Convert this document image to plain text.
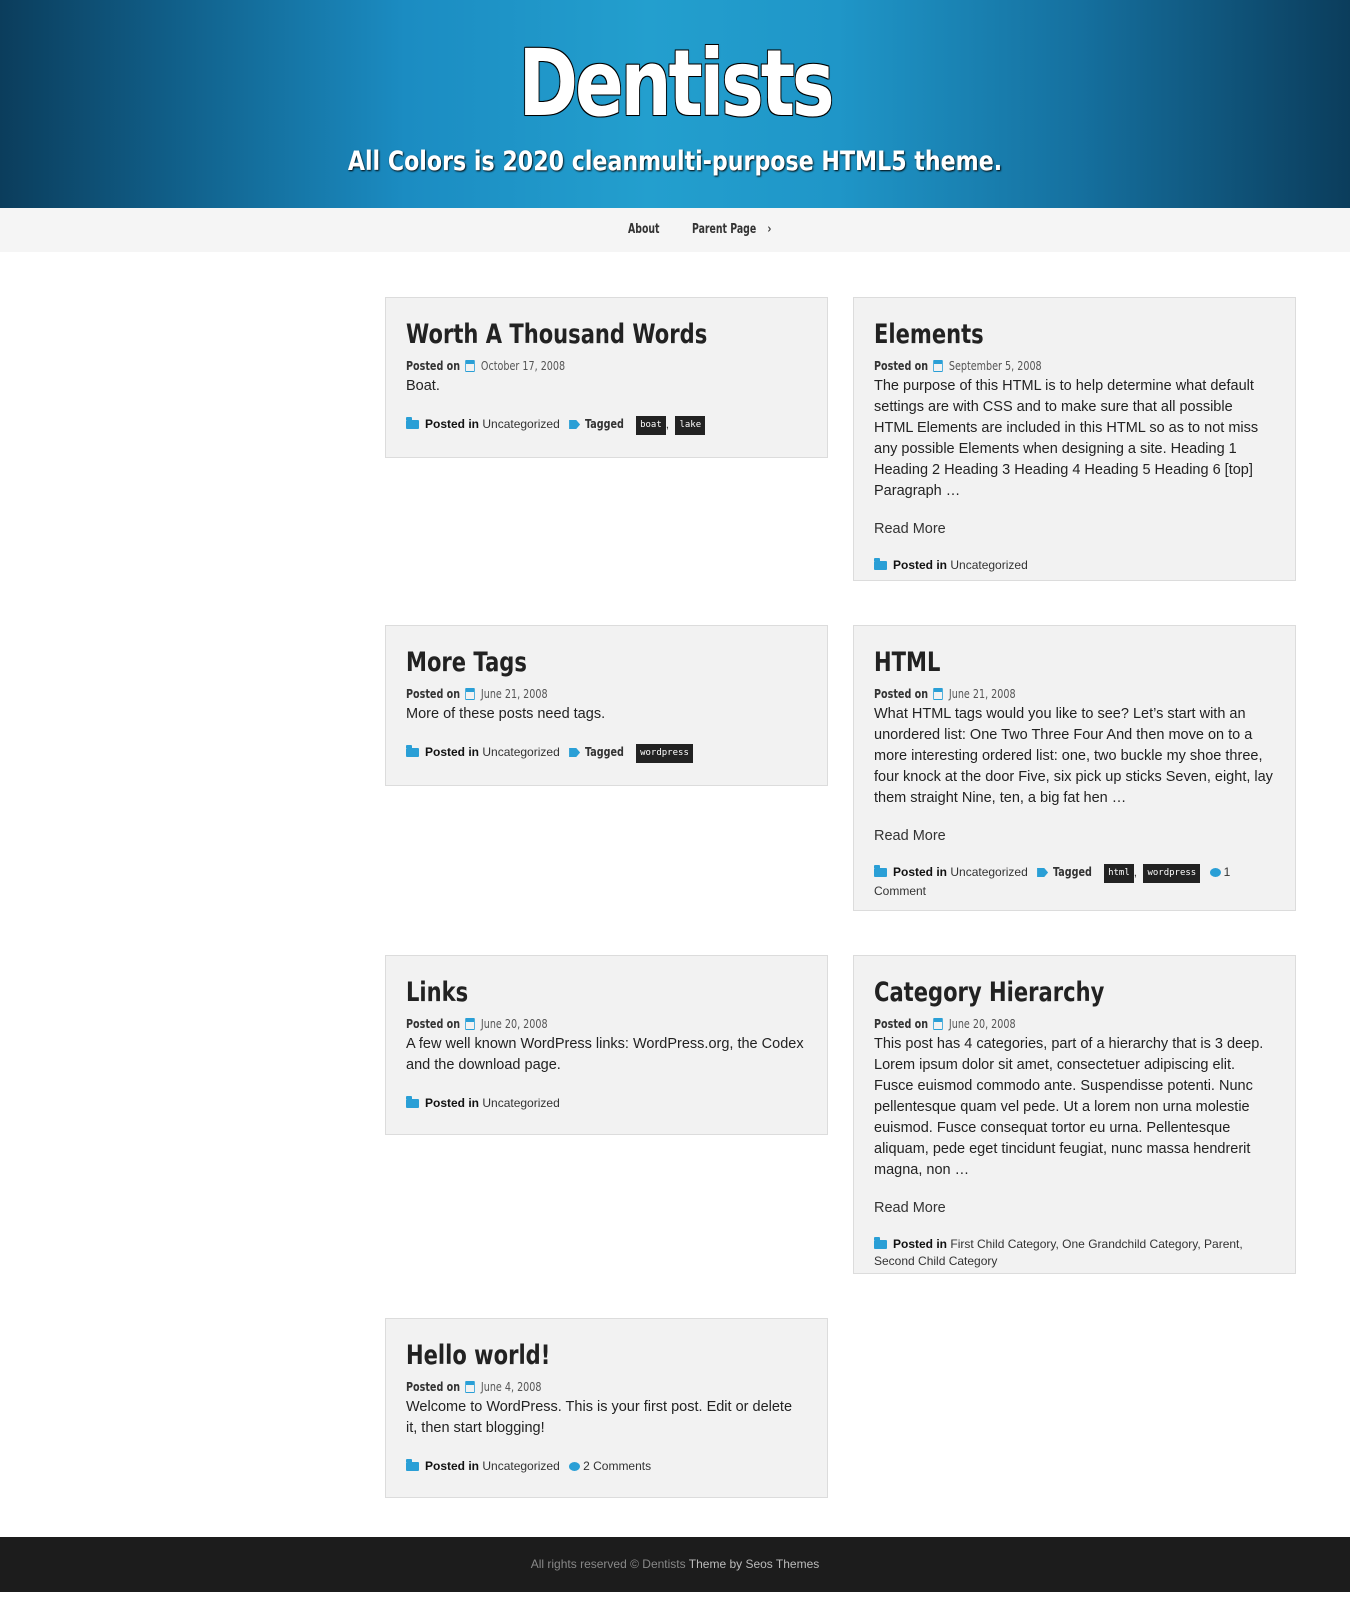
Dentists
All Colors is 2020 cleanmulti-purpose HTML5 theme.
About Parent Page ›
Worth A Thousand Words
Posted on October 17, 2008
Boat.
Posted in Uncategorized Tagged boat , lake
Elements
Posted on September 5, 2008
The purpose of this HTML is to help determine what default settings are with CSS and to make sure that all possible HTML Elements are included in this HTML so as to not miss any possible Elements when designing a site. Heading 1 Heading 2 Heading 3 Heading 4 Heading 5 Heading 6 [top] Paragraph …
Read More
Posted in Uncategorized
More Tags
Posted on June 21, 2008
More of these posts need tags.
Posted in Uncategorized Tagged wordpress
HTML
Posted on June 21, 2008
What HTML tags would you like to see? Let’s start with an unordered list: One Two Three Four And then move on to a more interesting ordered list: one, two buckle my shoe three, four knock at the door Five, six pick up sticks Seven, eight, lay them straight Nine, ten, a big fat hen …
Read More
Posted in Uncategorized Tagged html , wordpress 1 Comment
Links
Posted on June 20, 2008
A few well known WordPress links: WordPress.org, the Codex and the download page.
Posted in Uncategorized
Category Hierarchy
Posted on June 20, 2008
This post has 4 categories, part of a hierarchy that is 3 deep. Lorem ipsum dolor sit amet, consectetuer adipiscing elit. Fusce euismod commodo ante. Suspendisse potenti. Nunc pellentesque quam vel pede. Ut a lorem non urna molestie euismod. Fusce consequat tortor eu urna. Pellentesque aliquam, pede eget tincidunt feugiat, nunc massa hendrerit magna, non …
Read More
Posted in First Child Category, One Grandchild Category, Parent, Second Child Category
Hello world!
Posted on June 4, 2008
Welcome to WordPress. This is your first post. Edit or delete it, then start blogging!
Posted in Uncategorized 2 Comments
All rights reserved © Dentists Theme by Seos Themes
